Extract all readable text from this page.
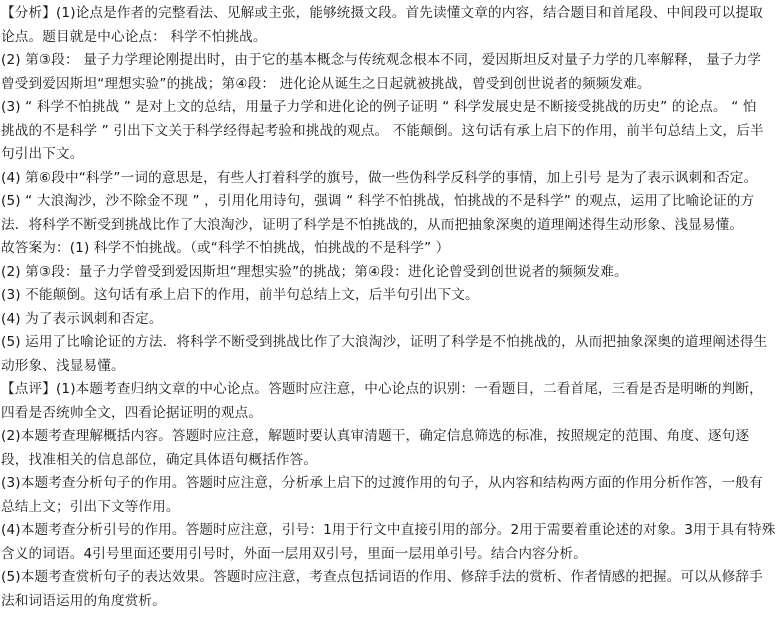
【分析】(1)论点是作者的完整看法、见解或主张，能够统摄文段。首先读懂文章的内容，结合题目和首尾段、中间段可以提取
论点。题目就是中心论点： 科学不怕挑战。
(2) 第③段： 量子力学理论刚提出时，由于它的基本概念与传统观念根本不同，爱因斯坦反对量子力学的几率解释， 量子力学
曾受到爱因斯坦“理想实验”的挑战；第④段： 进化论从诞生之日起就被挑战，曾受到创世说者的频频发难。
(3) “ 科学不怕挑战 ” 是对上文的总结，用量子力学和进化论的例子证明 “ 科学发展史是不断接受挑战的历史” 的论点。 “ 怕
挑战的不是科学 ” 引出下文关于科学经得起考验和挑战的观点。 不能颠倒。这句话有承上启下的作用，前半句总结上文，后半
句引出下文。
(4) 第⑥段中“科学”一词的意思是，有些人打着科学的旗号，做一些伪科学反科学的事情，加上引号 是为了表示讽刺和否定。
(5) “ 大浪淘沙，沙不除金不现 ” ，引用化用诗句，强调 “ 科学不怕挑战，怕挑战的不是科学” 的观点，运用了比喻论证的方
法．将科学不断受到挑战比作了大浪淘沙，证明了科学是不怕挑战的，从而把抽象深奥的道理阐述得生动形象、浅显易懂。
故答案为：(1) 科学不怕挑战。（或“科学不怕挑战，怕挑战的不是科学” ）
(2) 第③段：量子力学曾受到爱因斯坦“理想实验”的挑战；第④段：进化论曾受到创世说者的频频发难。
(3) 不能颠倒。这句话有承上启下的作用，前半句总结上文，后半句引出下文。
(4) 为了表示讽刺和否定。
(5) 运用了比喻论证的方法．将科学不断受到挑战比作了大浪淘沙，证明了科学是不怕挑战的，从而把抽象深奥的道理阐述得生
动形象、浅显易懂。
【点评】(1)本题考查归纳文章的中心论点。答题时应注意，中心论点的识别：一看题目，二看首尾，三看是否是明晰的判断，
四看是否统帅全文，四看论据证明的观点。
(2)本题考查理解概括内容。答题时应注意，解题时要认真审清题干，确定信息筛选的标准，按照规定的范围、角度、逐句逐
段，找准相关的信息部位，确定具体语句概括作答。
(3)本题考查分析句子的作用。答题时应注意，分析承上启下的过渡作用的句子，从内容和结构两方面的作用分析作答，一般有
总结上文；引出下文等作用。
(4)本题考查分析引号的作用。答题时应注意，引号：1用于行文中直接引用的部分。2用于需要着重论述的对象。3用于具有特殊
含义的词语。4引号里面还要用引号时，外面一层用双引号，里面一层用单引号。结合内容分析。
(5)本题考查赏析句子的表达效果。答题时应注意，考查点包括词语的作用、修辞手法的赏析、作者情感的把握。可以从修辞手
法和词语运用的角度赏析。
